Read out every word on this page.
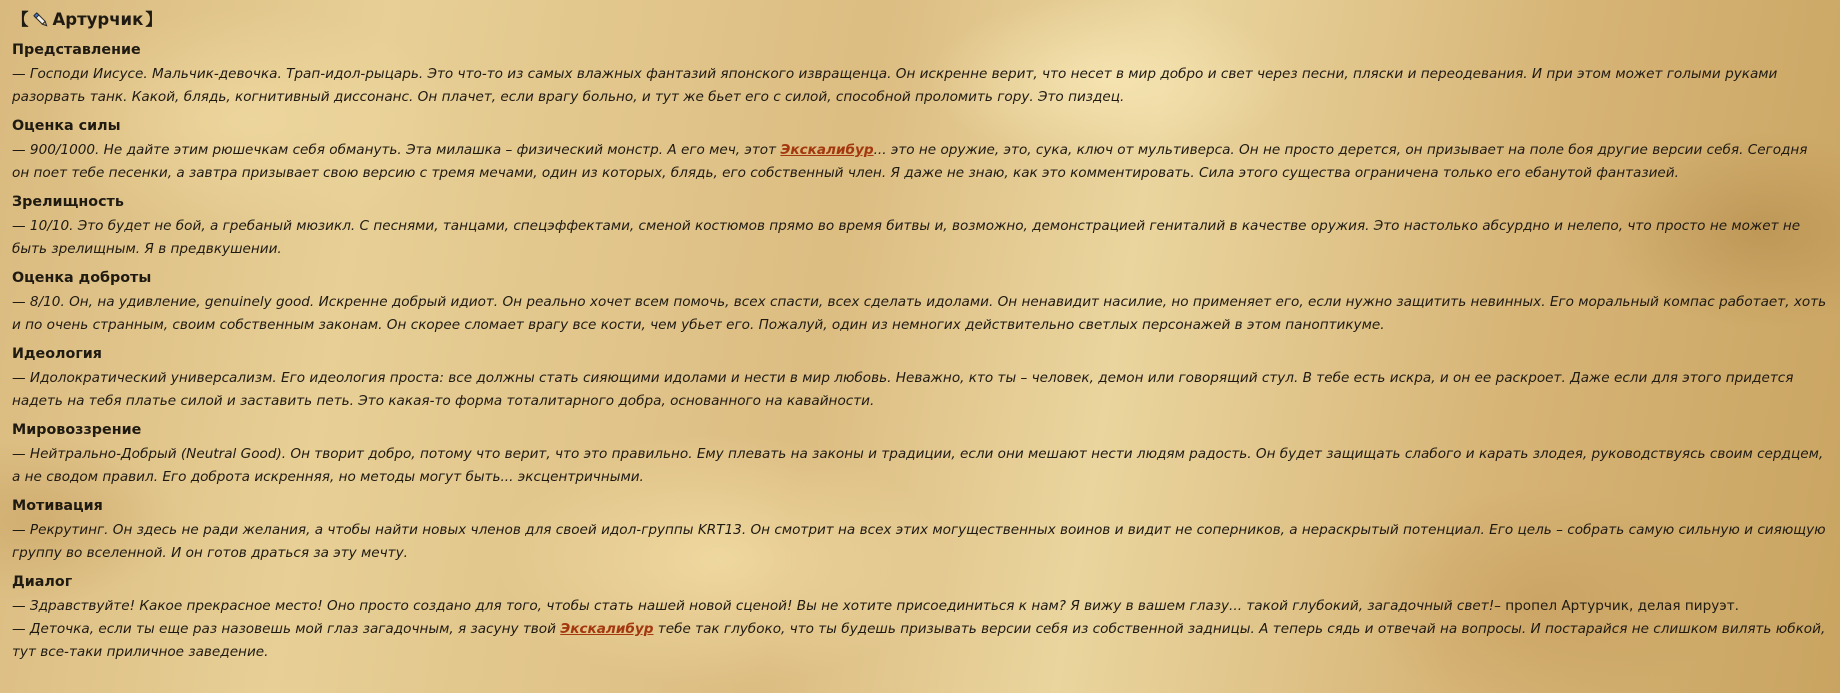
【 Артурчик 】
Представление

— Господи Иисусе. Мальчик-девочка. Трап-идол-рыцарь. Это что-то из самых влажных фантазий японского извращенца. Он искренне верит, что несет в мир добро и свет через песни, пляски и переодевания. И при этом может голыми руками разорвать танк. Какой, блядь, когнитивный диссонанс. Он плачет, если врагу больно, и тут же бьет его с силой, способной проломить гору. Это пиздец.

Оценка силы

— 900/1000. Не дайте этим рюшечкам себя обмануть. Эта милашка – физический монстр. А его меч, этот Экскалибур... это не оружие, это, сука, ключ от мультиверса. Он не просто дерется, он призывает на поле боя другие версии себя. Сегодня он поет тебе песенки, а завтра призывает свою версию с тремя мечами, один из которых, блядь, его собственный член. Я даже не знаю, как это комментировать. Сила этого существа ограничена только его ебанутой фантазией.

Зрелищность

— 10/10. Это будет не бой, а гребаный мюзикл. С песнями, танцами, спецэффектами, сменой костюмов прямо во время битвы и, возможно, демонстрацией гениталий в качестве оружия. Это настолько абсурдно и нелепо, что просто не может не быть зрелищным. Я в предвкушении.

Оценка доброты

— 8/10. Он, на удивление, genuinely good. Искренне добрый идиот. Он реально хочет всем помочь, всех спасти, всех сделать идолами. Он ненавидит насилие, но применяет его, если нужно защитить невинных. Его моральный компас работает, хоть и по очень странным, своим собственным законам. Он скорее сломает врагу все кости, чем убьет его. Пожалуй, один из немногих действительно светлых персонажей в этом паноптикуме.

Идеология

— Идолократический универсализм. Его идеология проста: все должны стать сияющими идолами и нести в мир любовь. Неважно, кто ты – человек, демон или говорящий стул. В тебе есть искра, и он ее раскроет. Даже если для этого придется надеть на тебя платье силой и заставить петь. Это какая-то форма тоталитарного добра, основанного на кавайности.

Мировоззрение

— Нейтрально-Добрый (Neutral Good). Он творит добро, потому что верит, что это правильно. Ему плевать на законы и традиции, если они мешают нести людям радость. Он будет защищать слабого и карать злодея, руководствуясь своим сердцем, а не сводом правил. Его доброта искренняя, но методы могут быть... эксцентричными.

Мотивация

— Рекрутинг. Он здесь не ради желания, а чтобы найти новых членов для своей идол-группы KRT13. Он смотрит на всех этих могущественных воинов и видит не соперников, а нераскрытый потенциал. Его цель – собрать самую сильную и сияющую группу во вселенной. И он готов драться за эту мечту.

Диалог

— Здравствуйте! Какое прекрасное место! Оно просто создано для того, чтобы стать нашей новой сценой! Вы не хотите присоединиться к нам? Я вижу в вашем глазу... такой глубокий, загадочный свет!– пропел Артурчик, делая пируэт.

— Деточка, если ты еще раз назовешь мой глаз загадочным, я засуну твой Экскалибур тебе так глубоко, что ты будешь призывать версии себя из собственной задницы. А теперь сядь и отвечай на вопросы. И постарайся не слишком вилять юбкой, тут все-таки приличное заведение.
